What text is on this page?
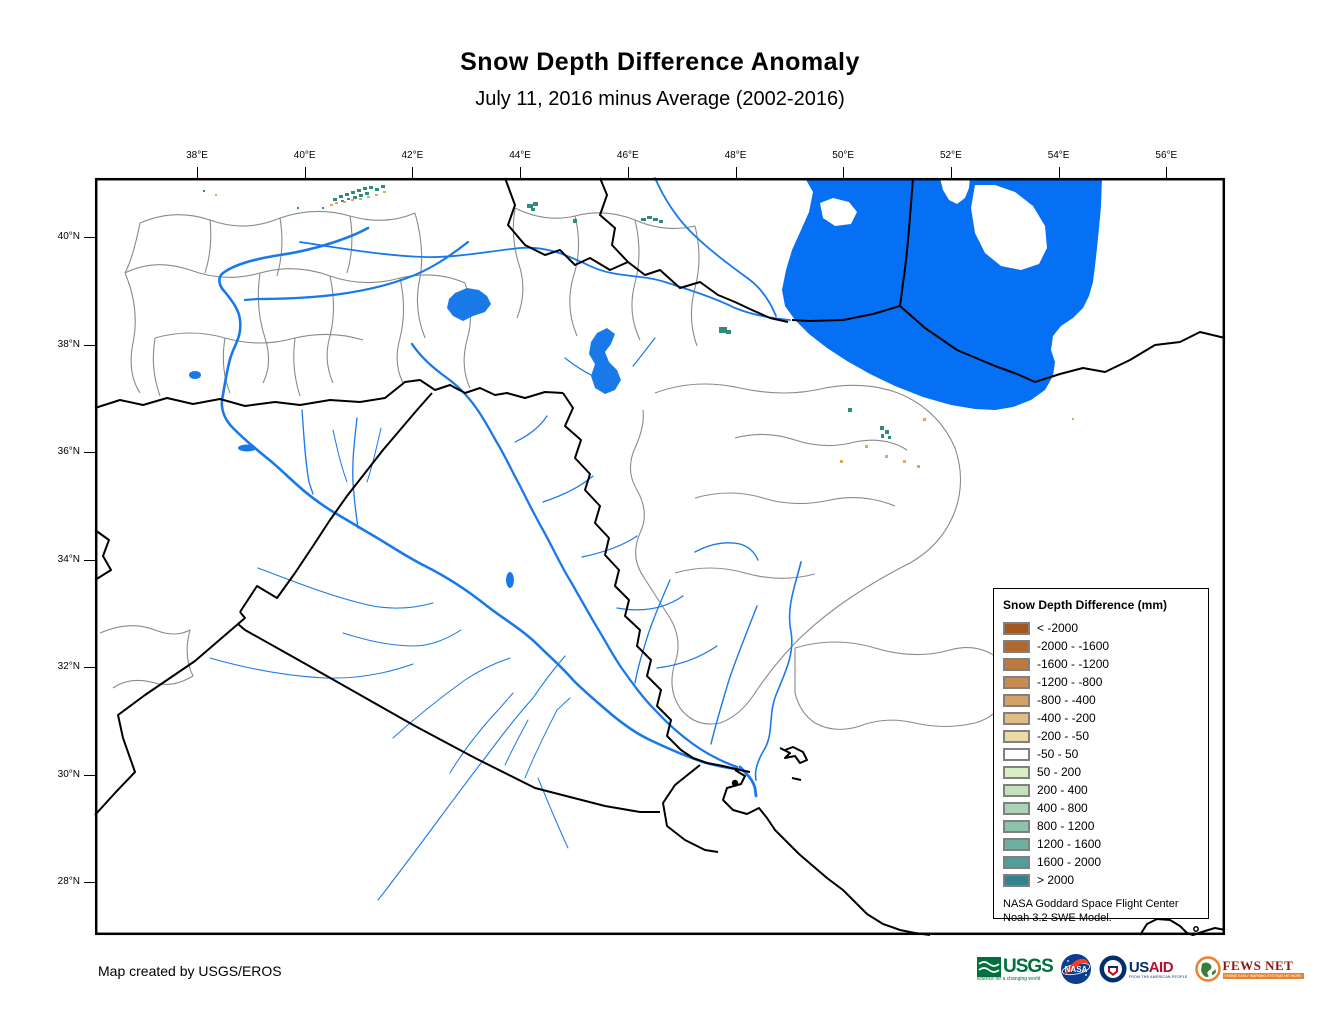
Snow Depth Difference Anomaly
July 11, 2016 minus Average (2002-2016)
38°E	40°E	42°E	44°E	46°E	48°E	50°E	52°E	54°E	56°E
40°N
38°N
36°N
34°N
32°N
30°N
28°N
Snow Depth Difference (mm)
< -2000
-2000 - -1600
-1600 - -1200
-1200 - -800
-800 - -400
-400 - -200
-200 - -50
-50 - 50
50 - 200
200 - 400
400 - 800
800 - 1200
1200 - 1600
1600 - 2000
> 2000
NASA Goddard Space Flight Center
Noah 3.2 SWE Model.
Map created by USGS/EROS	USGS
science for a changing world
NASA	USAID
FROM THE AMERICAN PEOPLE
FEWS NET
FAMINE EARLY WARNING SYSTEMS NETWORK
